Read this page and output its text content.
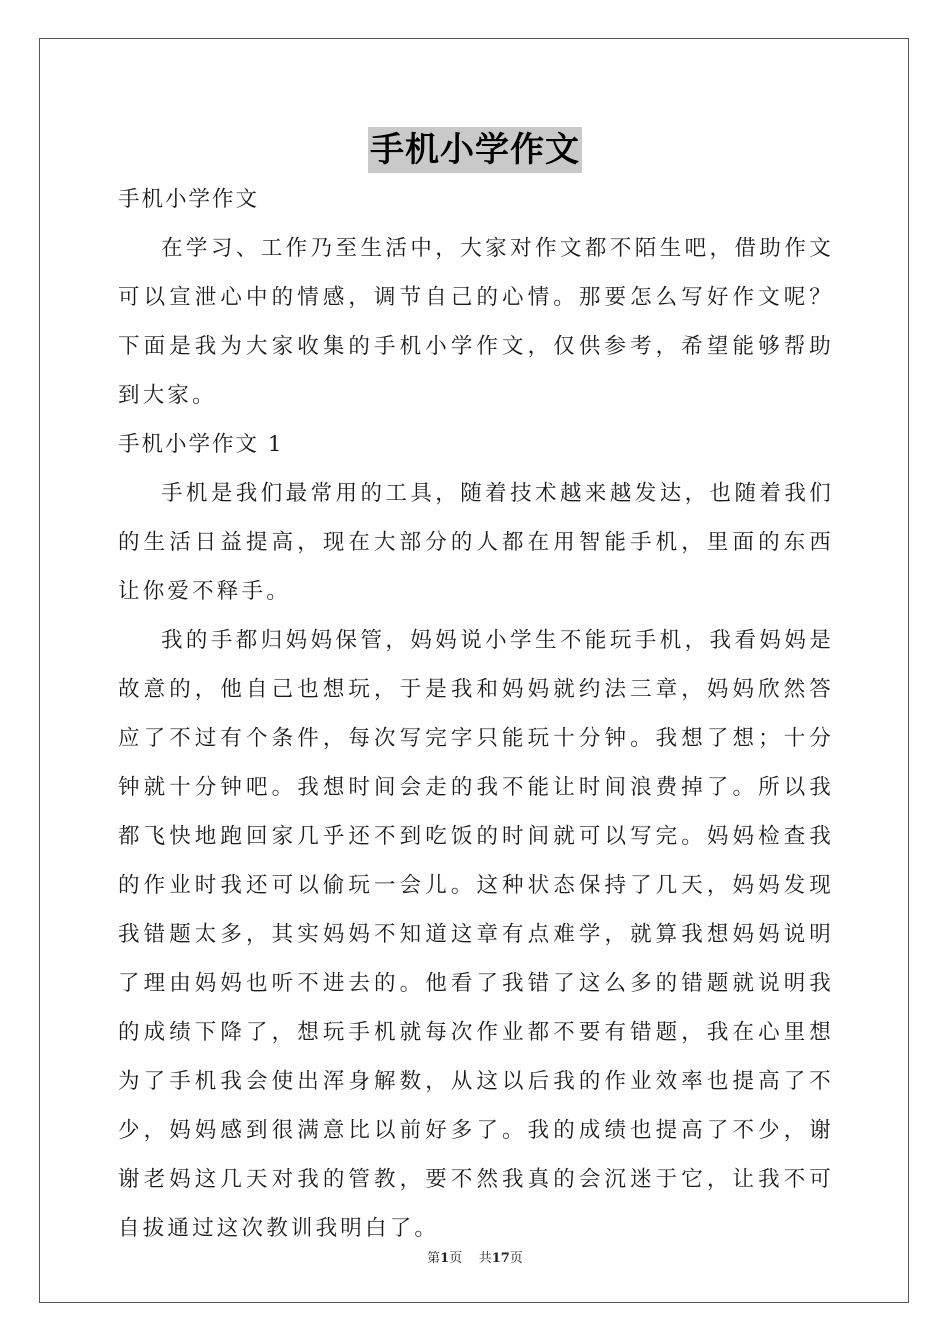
手机小学作文

手机小学作文

在学习、工作乃至生活中，大家对作文都不陌生吧，借助作文可以宣泄心中的情感，调节自己的心情。那要怎么写好作文呢？下面是我为大家收集的手机小学作文，仅供参考，希望能够帮助到大家。

手机小学作文 1

手机是我们最常用的工具，随着技术越来越发达，也随着我们的生活日益提高，现在大部分的人都在用智能手机，里面的东西让你爱不释手。

我的手都归妈妈保管，妈妈说小学生不能玩手机，我看妈妈是故意的，他自己也想玩，于是我和妈妈就约法三章，妈妈欣然答应了不过有个条件，每次写完字只能玩十分钟。我想了想；十分钟就十分钟吧。我想时间会走的我不能让时间浪费掉了。所以我都飞快地跑回家几乎还不到吃饭的时间就可以写完。妈妈检查我的作业时我还可以偷玩一会儿。这种状态保持了几天，妈妈发现我错题太多，其实妈妈不知道这章有点难学，就算我想妈妈说明了理由妈妈也听不进去的。他看了我错了这么多的错题就说明我的成绩下降了，想玩手机就每次作业都不要有错题，我在心里想为了手机我会使出浑身解数，从这以后我的作业效率也提高了不少，妈妈感到很满意比以前好多了。我的成绩也提高了不少，谢谢老妈这几天对我的管教，要不然我真的会沉迷于它，让我不可自拔通过这次教训我明白了。

第1页 共17页
